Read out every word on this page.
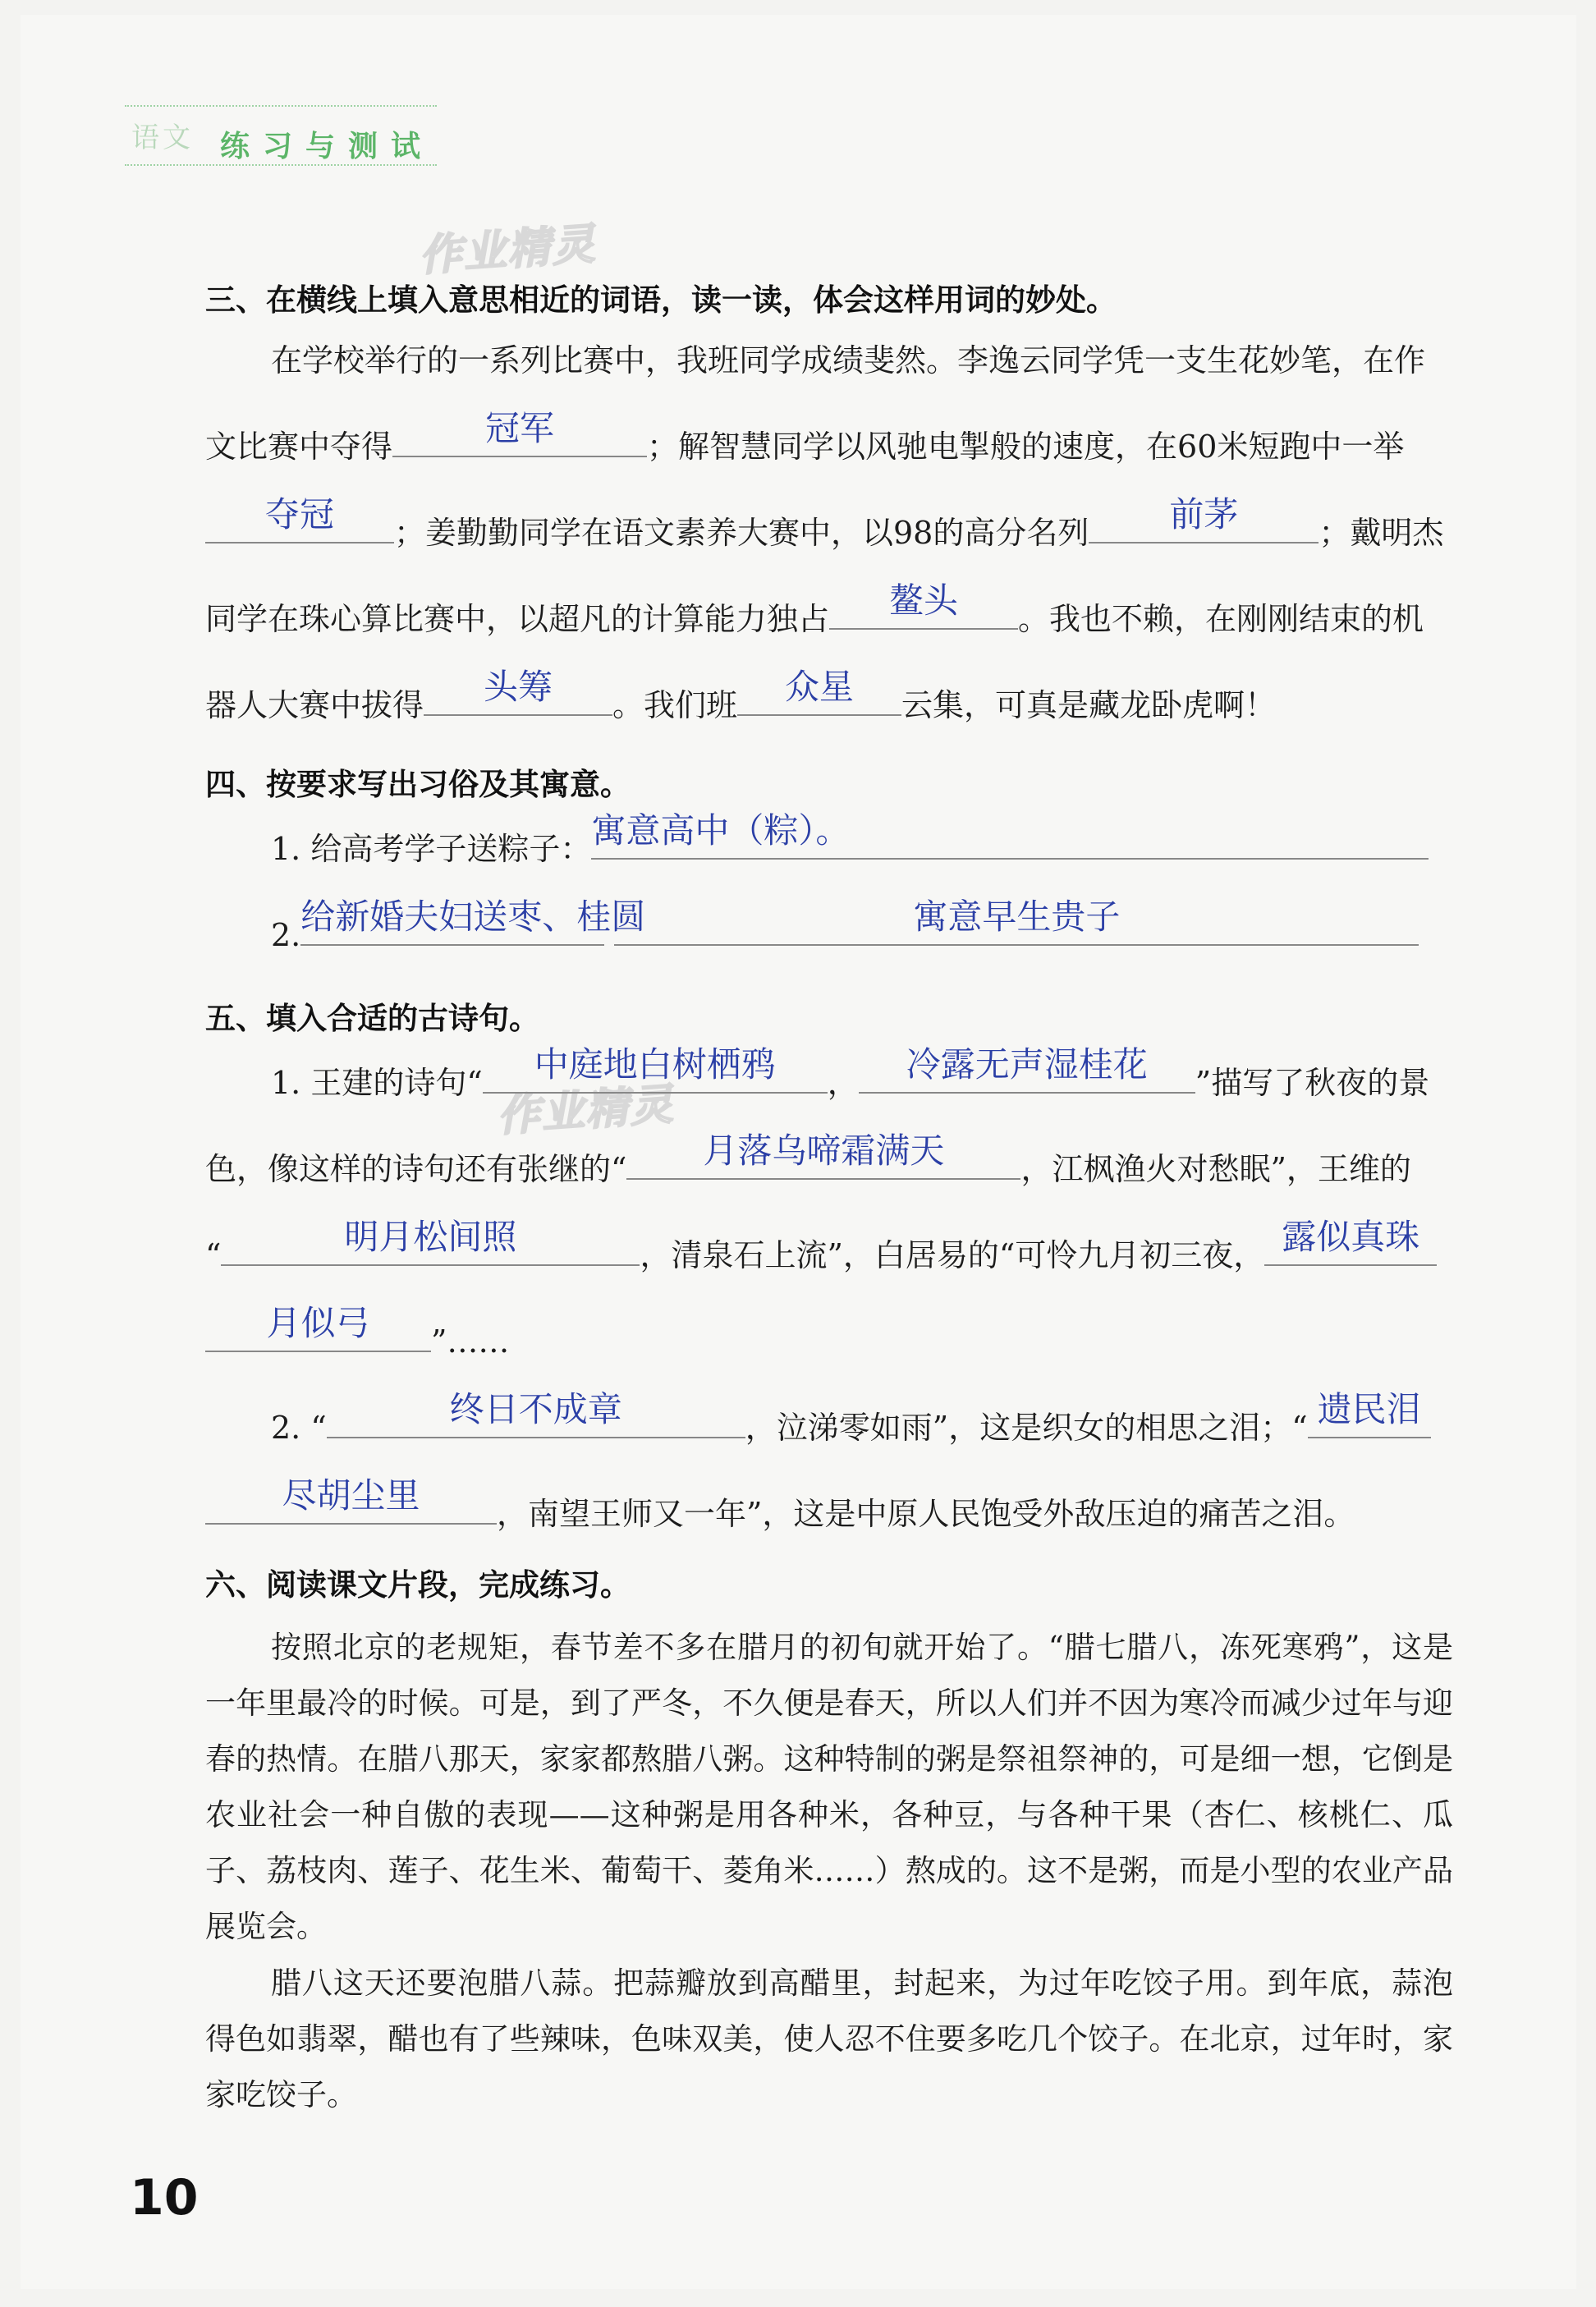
语文 练习与测试
作业精灵
作业精灵
三、在横线上填入意思相近的词语，读一读，体会这样用词的妙处。
在学校举行的一系列比赛中，我班同学成绩斐然。李逸云同学凭一支生花妙笔，在作
文比赛中夺得	冠军	；解智慧同学以风驰电掣般的速度，在60米短跑中一举
夺冠	；姜勤勤同学在语文素养大赛中，以98的高分名列	前茅	；戴明杰
同学在珠心算比赛中，以超凡的计算能力独占	鳌头	。我也不赖，在刚刚结束的机
器人大赛中拔得	头筹	。我们班	众星	云集，可真是藏龙卧虎啊！
四、按要求写出习俗及其寓意。
1. 给高考学子送粽子： 寓意高中（粽）。
2. 给新婚夫妇送枣、桂圆
	寓意早生贵子
五、填入合适的古诗句。
1. 王建的诗句“	中庭地白树栖鸦	，	冷露无声湿桂花	”描写了秋夜的景
色，像这样的诗句还有张继的“	月落乌啼霜满天	，江枫渔火对愁眠”，王维的
“	明月松间照	，清泉石上流”，白居易的“可怜九月初三夜， 露似真珠
月似弓	”……
2. “	终日不成章	，泣涕零如雨”，这是织女的相思之泪；“ 遗民泪
尽胡尘里	，南望王师又一年”，这是中原人民饱受外敌压迫的痛苦之泪。
六、阅读课文片段，完成练习。
按照北京的老规矩，春节差不多在腊月的初旬就开始了。“腊七腊八，冻死寒鸦”，这是一年里最冷的时候。可是，到了严冬，不久便是春天，所以人们并不因为寒冷而减少过年与迎春的热情。在腊八那天，家家都熬腊八粥。这种特制的粥是祭祖祭神的，可是细一想，它倒是农业社会一种自傲的表现——这种粥是用各种米，各种豆，与各种干果（杏仁、核桃仁、瓜子、荔枝肉、莲子、花生米、葡萄干、菱角米……）熬成的。这不是粥，而是小型的农业产品展览会。
腊八这天还要泡腊八蒜。把蒜瓣放到高醋里，封起来，为过年吃饺子用。到年底，蒜泡得色如翡翠，醋也有了些辣味，色味双美，使人忍不住要多吃几个饺子。在北京，过年时，家家吃饺子。
10
